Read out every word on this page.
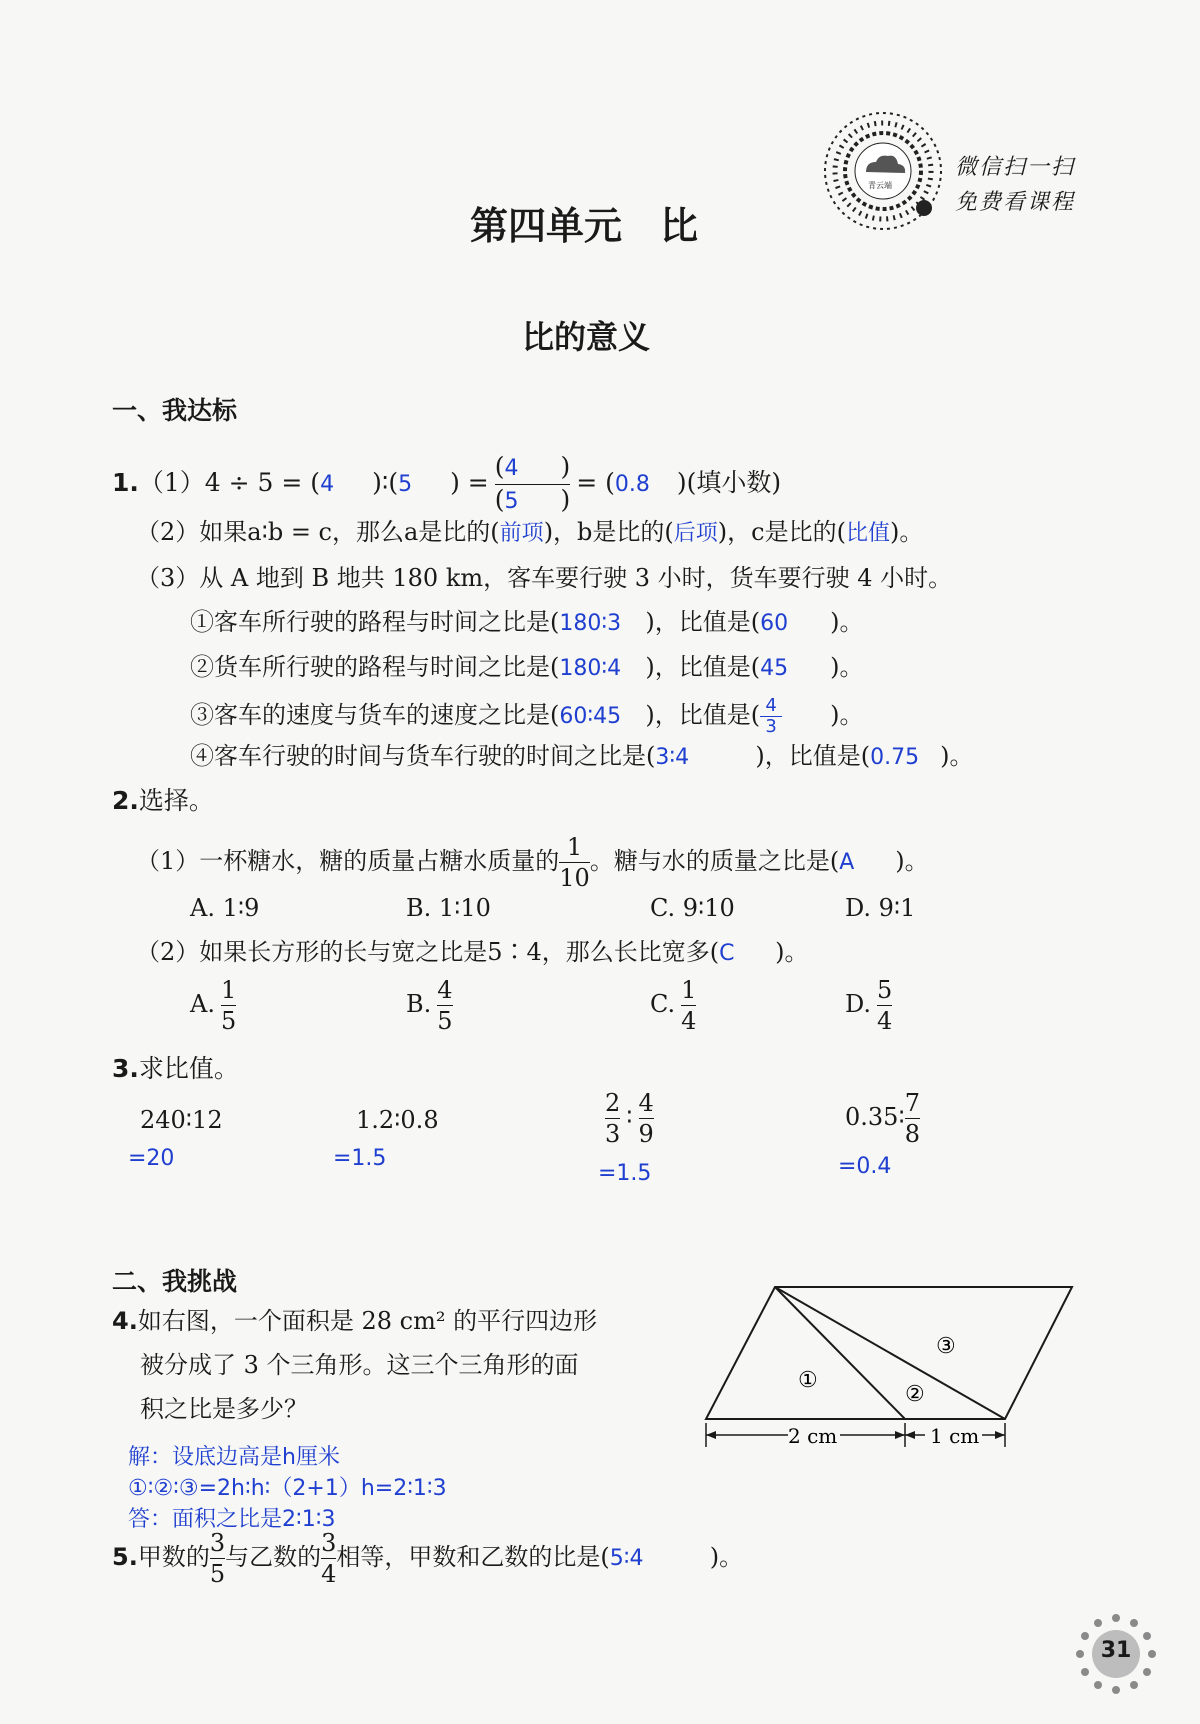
青云端
微信扫一扫
免费看课程
第四单元　比
比的意义
一、我达标
1.（1）4 ÷ 5 = (4 )∶(5 ) = $\frac{(4 )}{(5 )} = (0.8$ )(填小数)
（2）如果a∶b = c，那么a是比的(前项)，b是比的(后项)，c是比的(比值)。
（3）从 A 地到 B 地共 180 km，客车要行驶 3 小时，货车要行驶 4 小时。
①客车所行驶的路程与时间之比是(180∶3 )，比值是(60 )。
②货车所行驶的路程与时间之比是(180∶4 )，比值是(45 )。
③客车的速度与货车的速度之比是(60∶45 )，比值是( $\frac{4}{3}$ )。
④客车行驶的时间与货车行驶的时间之比是(3∶4	)，比值是(0.75 )。
2.选择。
（1）一杯糖水，糖的质量占糖水质量的 $\frac{1}{10}$ 。糖与水的质量之比是(A )。
A. 1∶9	B. 1∶10	C. 9∶10	D. 9∶1
（2）如果长方形的长与宽之比是5∶4，那么长比宽多(C )。
A. $\frac{1}{5}$	B. $\frac{4}{5}$	C. $\frac{1}{4}$	D. $\frac{5}{4}$
3.求比值。
240∶12
=20
1.2∶0.8
=1.5
$\frac{2}{3}$ ∶ $\frac{4}{9}$
=1.5
0.35∶ $\frac{7}{8}$
=0.4
二、我挑战
4.如右图，一个面积是 28 cm² 的平行四边形
被分成了 3 个三角形。这三个三角形的面
积之比是多少？
解：设底边高是h厘米
①∶②∶③=2h∶h∶（2+1）h=2∶1∶3
答：面积之比是2∶1∶3
①
②
③
2 cm	1 cm
5.甲数的 $\frac{3}{5}$ 与乙数的 $\frac{3}{4}$ 相等，甲数和乙数的比是(5∶4	)。
31
